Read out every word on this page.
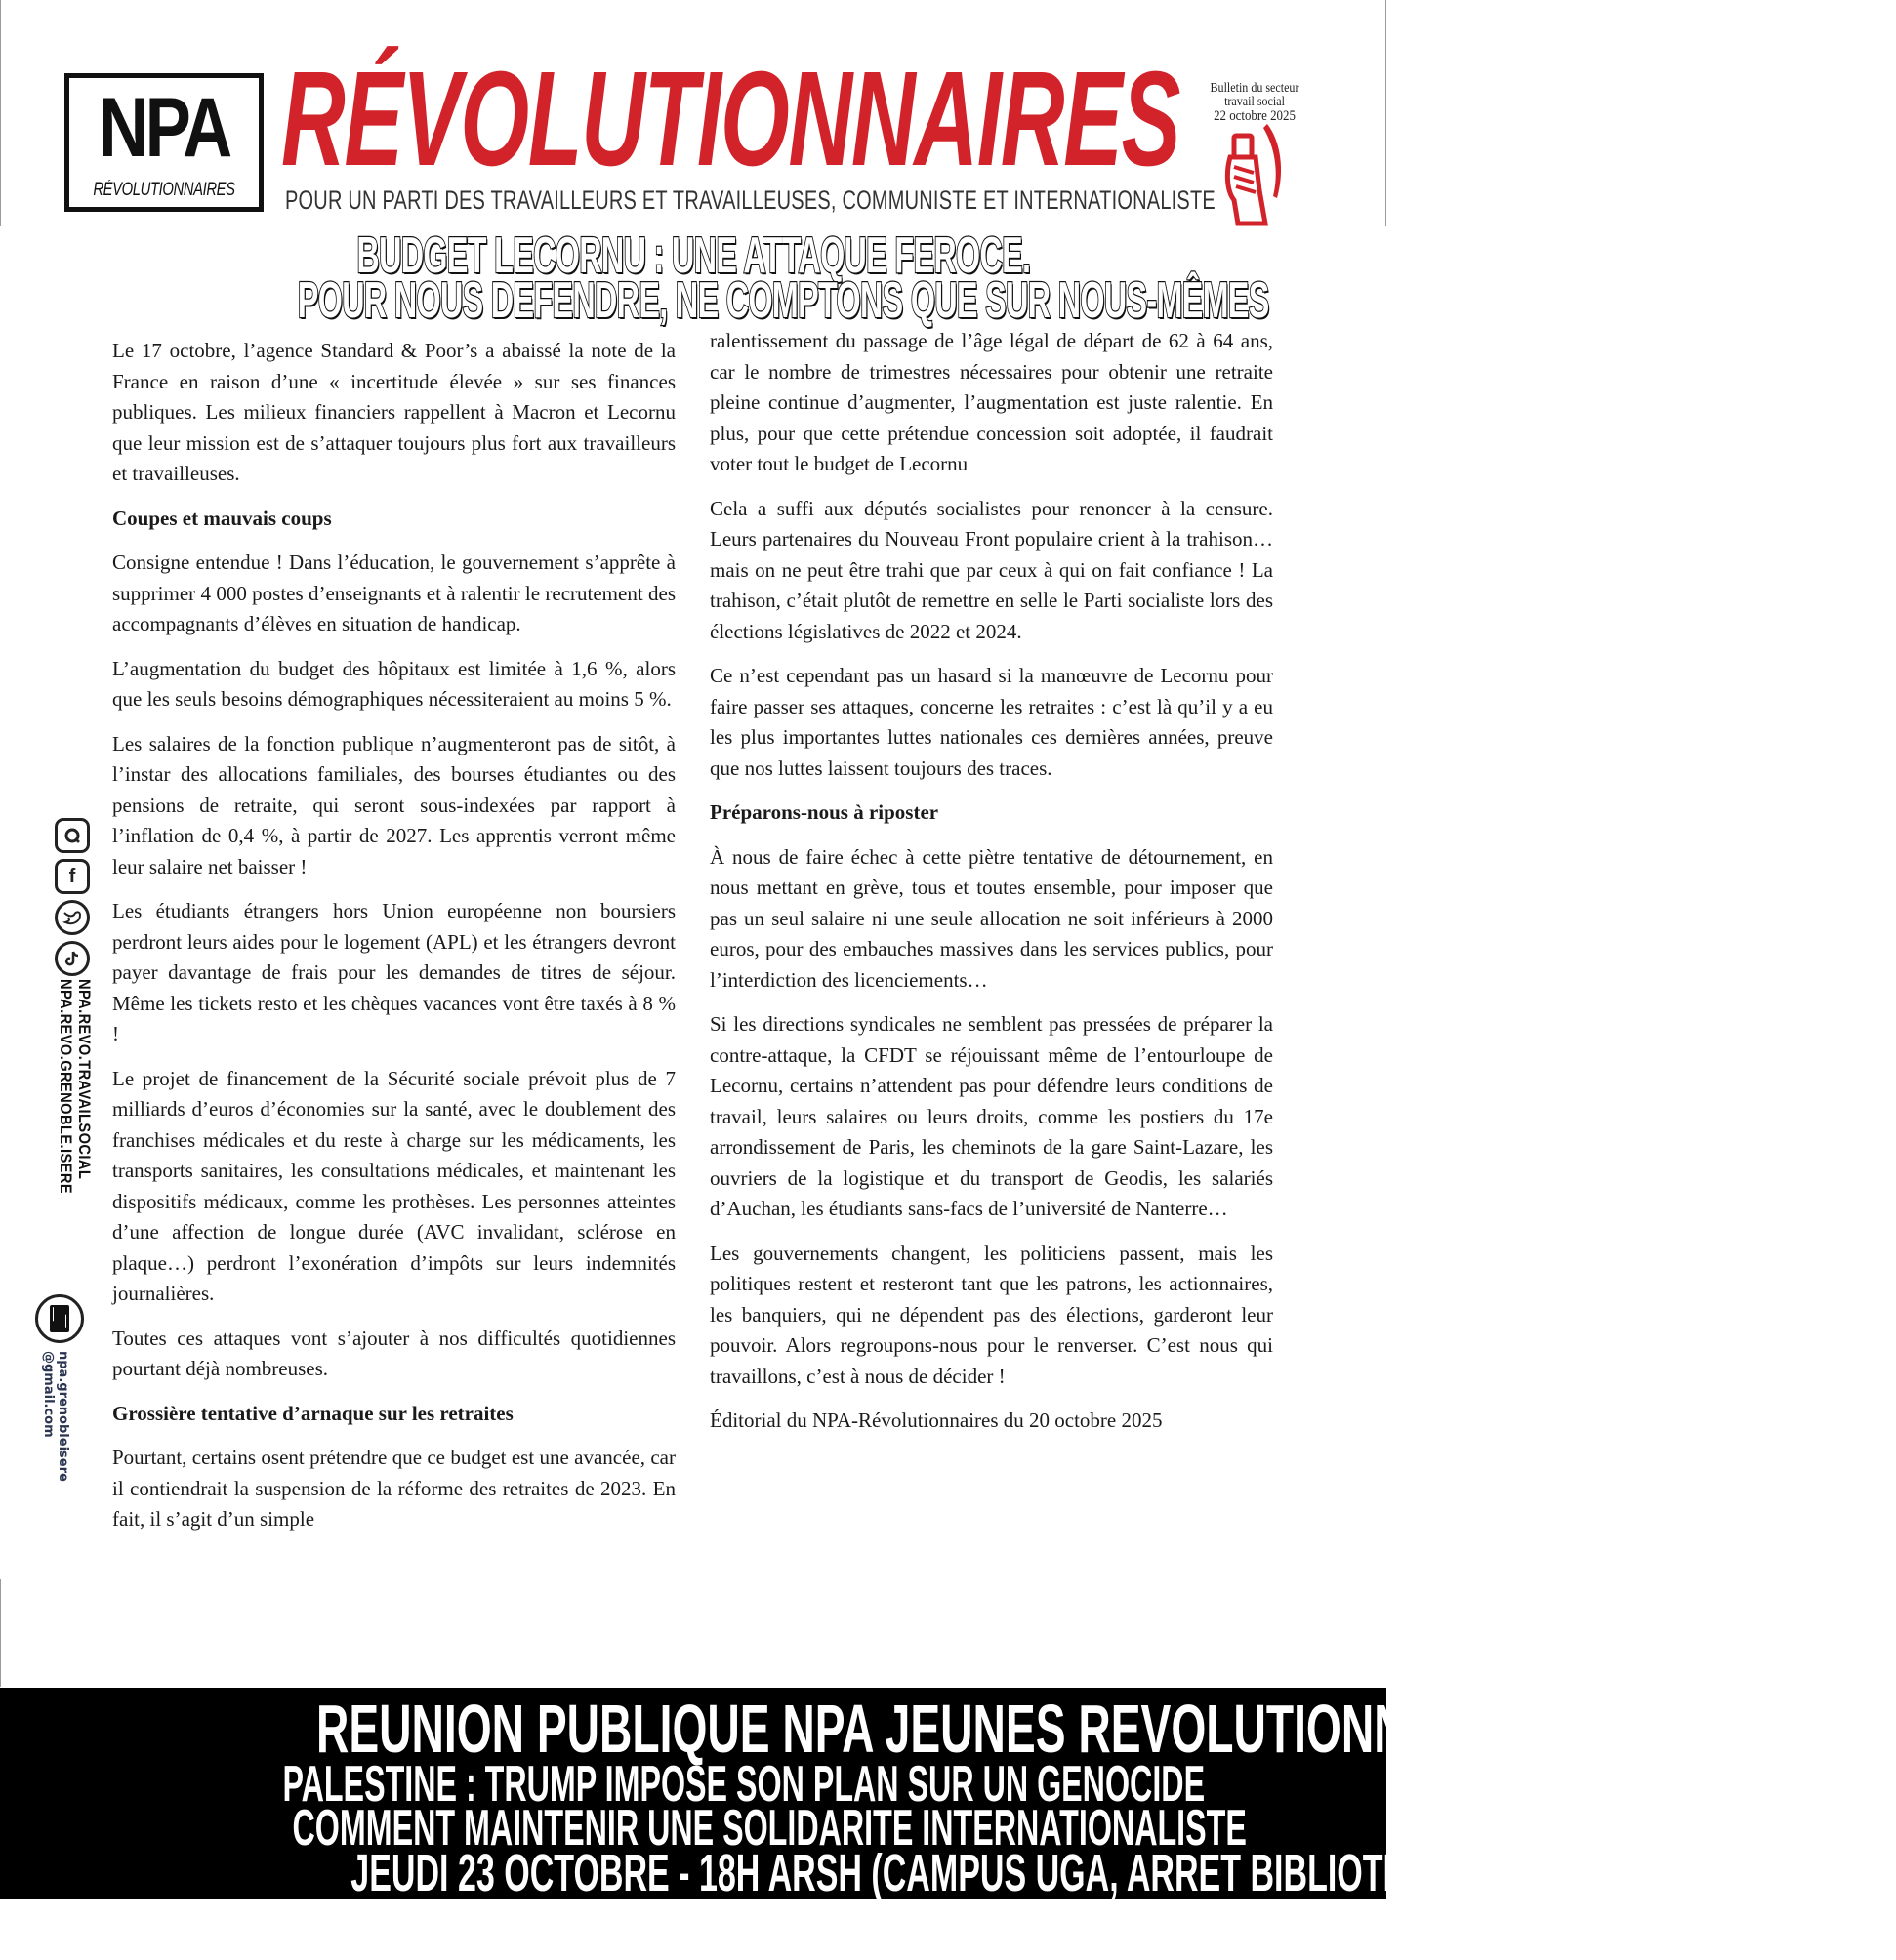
NPA
RÉVOLUTIONNAIRES RÉVOLUTIONNAIRES
POUR UN PARTI DES TRAVAILLEURS ET TRAVAILLEUSES, COMMUNISTE ET INTERNATIONALISTE
Bulletin du secteur
travail social
22 octobre 2025
BUDGET LECORNU : UNE ATTAQUE FEROCE.
POUR NOUS DEFENDRE, NE COMPTONS QUE SUR NOUS-MÊMES
f
NPA.REVO.TRAVAILSOCIAL
NPA.REVO.GRENOBLE.ISERE
npa.grenobleisere
@gmail.com

Le 17 octobre, l’agence Standard & Poor’s a abaissé la note de la France en raison d’une « incertitude élevée » sur ses finances publiques. Les milieux financiers rappellent à Macron et Lecornu que leur mission est de s’attaquer toujours plus fort aux travailleurs et travailleuses.

Coupes et mauvais coups

Consigne entendue ! Dans l’éducation, le gouvernement s’apprête à supprimer 4 000 postes d’enseignants et à ralentir le recrutement des accompagnants d’élèves en situation de handicap.

L’augmentation du budget des hôpitaux est limitée à 1,6 %, alors que les seuls besoins démographiques nécessiteraient au moins 5 %.

Les salaires de la fonction publique n’augmenteront pas de sitôt, à l’instar des allocations familiales, des bourses étudiantes ou des pensions de retraite, qui seront sous-indexées par rapport à l’inflation de 0,4 %, à partir de 2027. Les apprentis verront même leur salaire net baisser !

Les étudiants étrangers hors Union européenne non boursiers perdront leurs aides pour le logement (APL) et les étrangers devront payer davantage de frais pour les demandes de titres de séjour. Même les tickets resto et les chèques vacances vont être taxés à 8 % !

Le projet de financement de la Sécurité sociale prévoit plus de 7 milliards d’euros d’économies sur la santé, avec le doublement des franchises médicales et du reste à charge sur les médicaments, les transports sanitaires, les consultations médicales, et maintenant les dispositifs médicaux, comme les prothèses. Les personnes atteintes d’une affection de longue durée (AVC invalidant, sclérose en plaque…) perdront l’exonération d’impôts sur leurs indemnités journalières.

Toutes ces attaques vont s’ajouter à nos difficultés quotidiennes pourtant déjà nombreuses.

Grossière tentative d’arnaque sur les retraites

Pourtant, certains osent prétendre que ce budget est une avancée, car il contiendrait la suspension de la réforme des retraites de 2023. En fait, il s’agit d’un simple

ralentissement du passage de l’âge légal de départ de 62 à 64 ans, car le nombre de trimestres nécessaires pour obtenir une retraite pleine continue d’augmenter, l’augmentation est juste ralentie. En plus, pour que cette prétendue concession soit adoptée, il faudrait voter tout le budget de Lecornu

Cela a suffi aux députés socialistes pour renoncer à la censure. Leurs partenaires du Nouveau Front populaire crient à la trahison… mais on ne peut être trahi que par ceux à qui on fait confiance ! La trahison, c’était plutôt de remettre en selle le Parti socialiste lors des élections législatives de 2022 et 2024.

Ce n’est cependant pas un hasard si la manœuvre de Lecornu pour faire passer ses attaques, concerne les retraites : c’est là qu’il y a eu les plus importantes luttes nationales ces dernières années, preuve que nos luttes laissent toujours des traces.

Préparons-nous à riposter

À nous de faire échec à cette piètre tentative de détournement, en nous mettant en grève, tous et toutes ensemble, pour imposer que pas un seul salaire ni une seule allocation ne soit inférieurs à 2000 euros, pour des embauches massives dans les services publics, pour l’interdiction des licenciements…

Si les directions syndicales ne semblent pas pressées de préparer la contre-attaque, la CFDT se réjouissant même de l’entourloupe de Lecornu, certains n’attendent pas pour défendre leurs conditions de travail, leurs salaires ou leurs droits, comme les postiers du 17e arrondissement de Paris, les cheminots de la gare Saint-Lazare, les ouvriers de la logistique et du transport de Geodis, les salariés d’Auchan, les étudiants sans-facs de l’université de Nanterre…

Les gouvernements changent, les politiciens passent, mais les politiques restent et resteront tant que les patrons, les actionnaires, les banquiers, qui ne dépendent pas des élections, garderont leur pouvoir. Alors regroupons-nous pour le renverser. C’est nous qui travaillons, c’est à nous de décider !

Éditorial du NPA-Révolutionnaires du 20 octobre 2025

REUNION PUBLIQUE NPA JEUNES REVOLUTIONNAIRES
PALESTINE : TRUMP IMPOSE SON PLAN SUR UN GENOCIDE
COMMENT MAINTENIR UNE SOLIDARITE INTERNATIONALISTE
JEUDI 23 OCTOBRE - 18H ARSH (CAMPUS UGA, ARRET BIBLIOTHEQUE U)
